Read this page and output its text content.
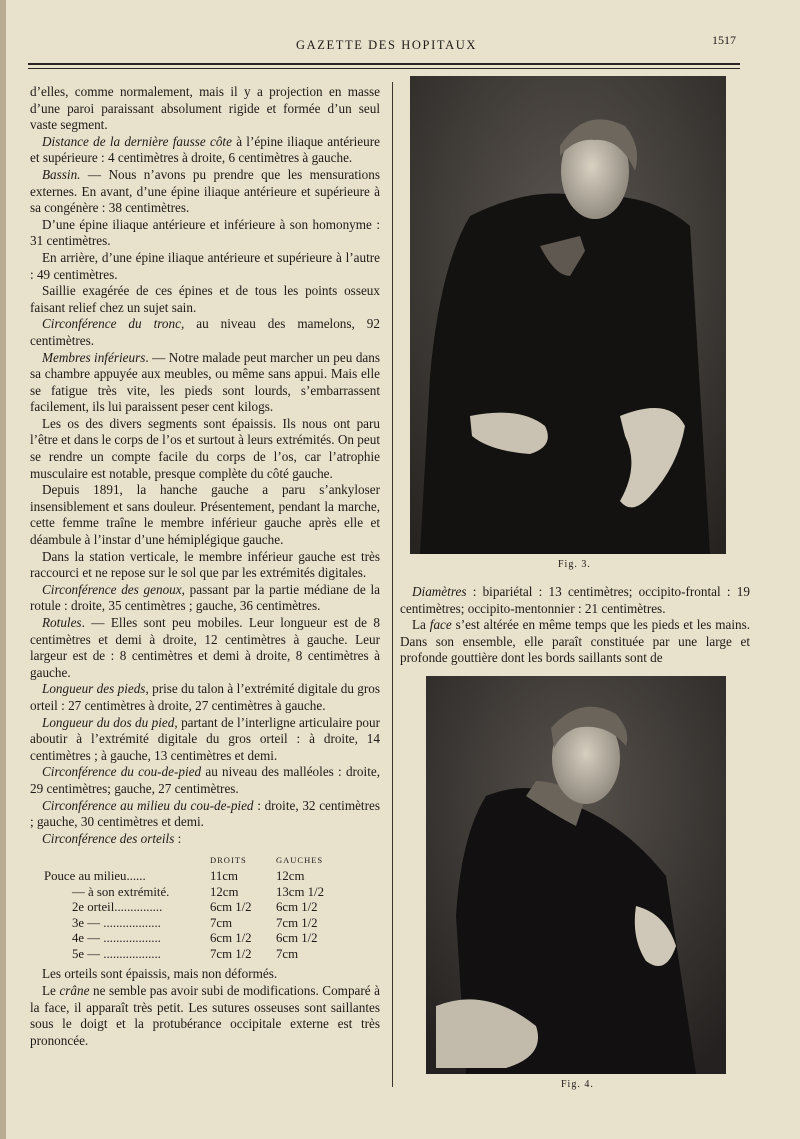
GAZETTE DES HOPITAUX	1517

d’elles, comme normalement, mais il y a projection en masse d’une paroi paraissant absolument rigide et formée d’un seul vaste segment.

Distance de la dernière fausse côte à l’épine iliaque antérieure et supérieure : 4 centimètres à droite, 6 centimètres à gauche.

Bassin. — Nous n’avons pu prendre que les mensurations externes. En avant, d’une épine iliaque antérieure et supérieure à sa congénère : 38 centimètres.

D’une épine iliaque antérieure et inférieure à son homonyme : 31 centimètres.

En arrière, d’une épine iliaque antérieure et supérieure à l’autre : 49 centimètres.

Saillie exagérée de ces épines et de tous les points osseux faisant relief chez un sujet sain.

Circonférence du tronc, au niveau des mamelons, 92 centimètres.

Membres inférieurs. — Notre malade peut marcher un peu dans sa chambre appuyée aux meubles, ou même sans appui. Mais elle se fatigue très vite, les pieds sont lourds, s’embarrassent facilement, ils lui paraissent peser cent kilogs.

Les os des divers segments sont épaissis. Ils nous ont paru l’être et dans le corps de l’os et surtout à leurs extrémités. On peut se rendre un compte facile du corps de l’os, car l’atrophie musculaire est notable, presque complète du côté gauche.

Depuis 1891, la hanche gauche a paru s’ankyloser insensiblement et sans douleur. Présentement, pendant la marche, cette femme traîne le membre inférieur gauche après elle et déambule à l’instar d’une hémiplégique gauche.

Dans la station verticale, le membre inférieur gauche est très raccourci et ne repose sur le sol que par les extrémités digitales.

Circonférence des genoux, passant par la partie médiane de la rotule : droite, 35 centimètres ; gauche, 36 centimètres.

Rotules. — Elles sont peu mobiles. Leur longueur est de 8 centimètres et demi à droite, 12 centimètres à gauche. Leur largeur est de : 8 centimètres et demi à droite, 8 centimètres à gauche.

Longueur des pieds, prise du talon à l’extrémité digitale du gros orteil : 27 centimètres à droite, 27 centimètres à gauche.

Longueur du dos du pied, partant de l’interligne articulaire pour aboutir à l’extrémité digitale du gros orteil : à droite, 14 centimètres ; à gauche, 13 centimètres et demi.

Circonférence du cou-de-pied au niveau des malléoles : droite, 29 centimètres; gauche, 27 centimètres.

Circonférence au milieu du cou-de-pied : droite, 32 centimètres ; gauche, 30 centimètres et demi.

Circonférence des orteils :

DROITS	GAUCHES
Pouce au milieu......	11cm	12cm
— à son extrémité.	12cm	13cm 1/2
2e orteil...............	6cm 1/2	6cm 1/2
3e — ..................	7cm	7cm 1/2
4e — ..................	6cm 1/2	6cm 1/2
5e — ..................	7cm 1/2	7cm

Les orteils sont épaissis, mais non déformés.

Le crâne ne semble pas avoir subi de modifications. Comparé à la face, il apparaît très petit. Les sutures osseuses sont saillantes sous le doigt et la protubérance occipitale externe est très prononcée.

Fig. 3.

Diamètres : bipariétal : 13 centimètres; occipito-frontal : 19 centimètres; occipito-mentonnier : 21 centimètres.

La face s’est altérée en même temps que les pieds et les mains. Dans son ensemble, elle paraît constituée par une large et profonde gouttière dont les bords saillants sont de

Fig. 4.
